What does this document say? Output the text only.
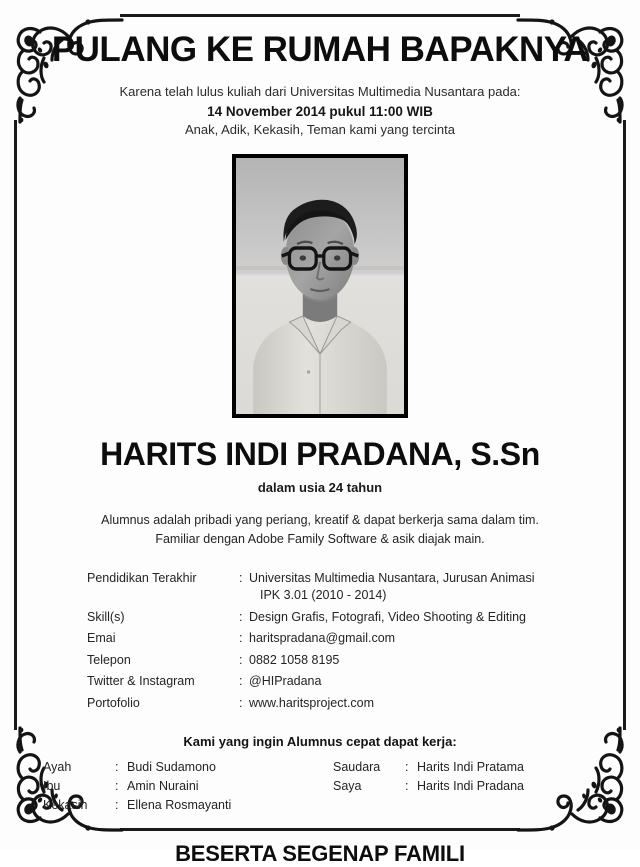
PULANG KE RUMAH BAPAKNYA
Karena telah lulus kuliah dari Universitas Multimedia Nusantara pada:
14 November 2014 pukul 11:00 WIB
Anak, Adik, Kekasih, Teman kami yang tercinta
HARITS INDI PRADANA, S.Sn
dalam usia 24 tahun
Alumnus adalah pribadi yang periang, kreatif & dapat berkerja sama dalam tim.
Familiar dengan Adobe Family Software & asik diajak main.
Pendidikan Terakhir	:	Universitas Multimedia Nusantara, Jurusan Animasi
		IPK 3.01 (2010 - 2014)
Skill(s)	:	Design Grafis, Fotografi, Video Shooting & Editing
Emai	:	haritspradana@gmail.com
Telepon	:	0882 1058 8195
Twitter & Instagram	:	@HIPradana
Portofolio	:	www.haritsproject.com
Kami yang ingin Alumnus cepat dapat kerja:
Ayah	:	Budi Sudamono		Saudara	:	Harits Indi Pratama
Ibu	:	Amin Nuraini		Saya	:	Harits Indi Pradana
Kekasih	:	Ellena Rosmayanti				
BESERTA SEGENAP FAMILI
